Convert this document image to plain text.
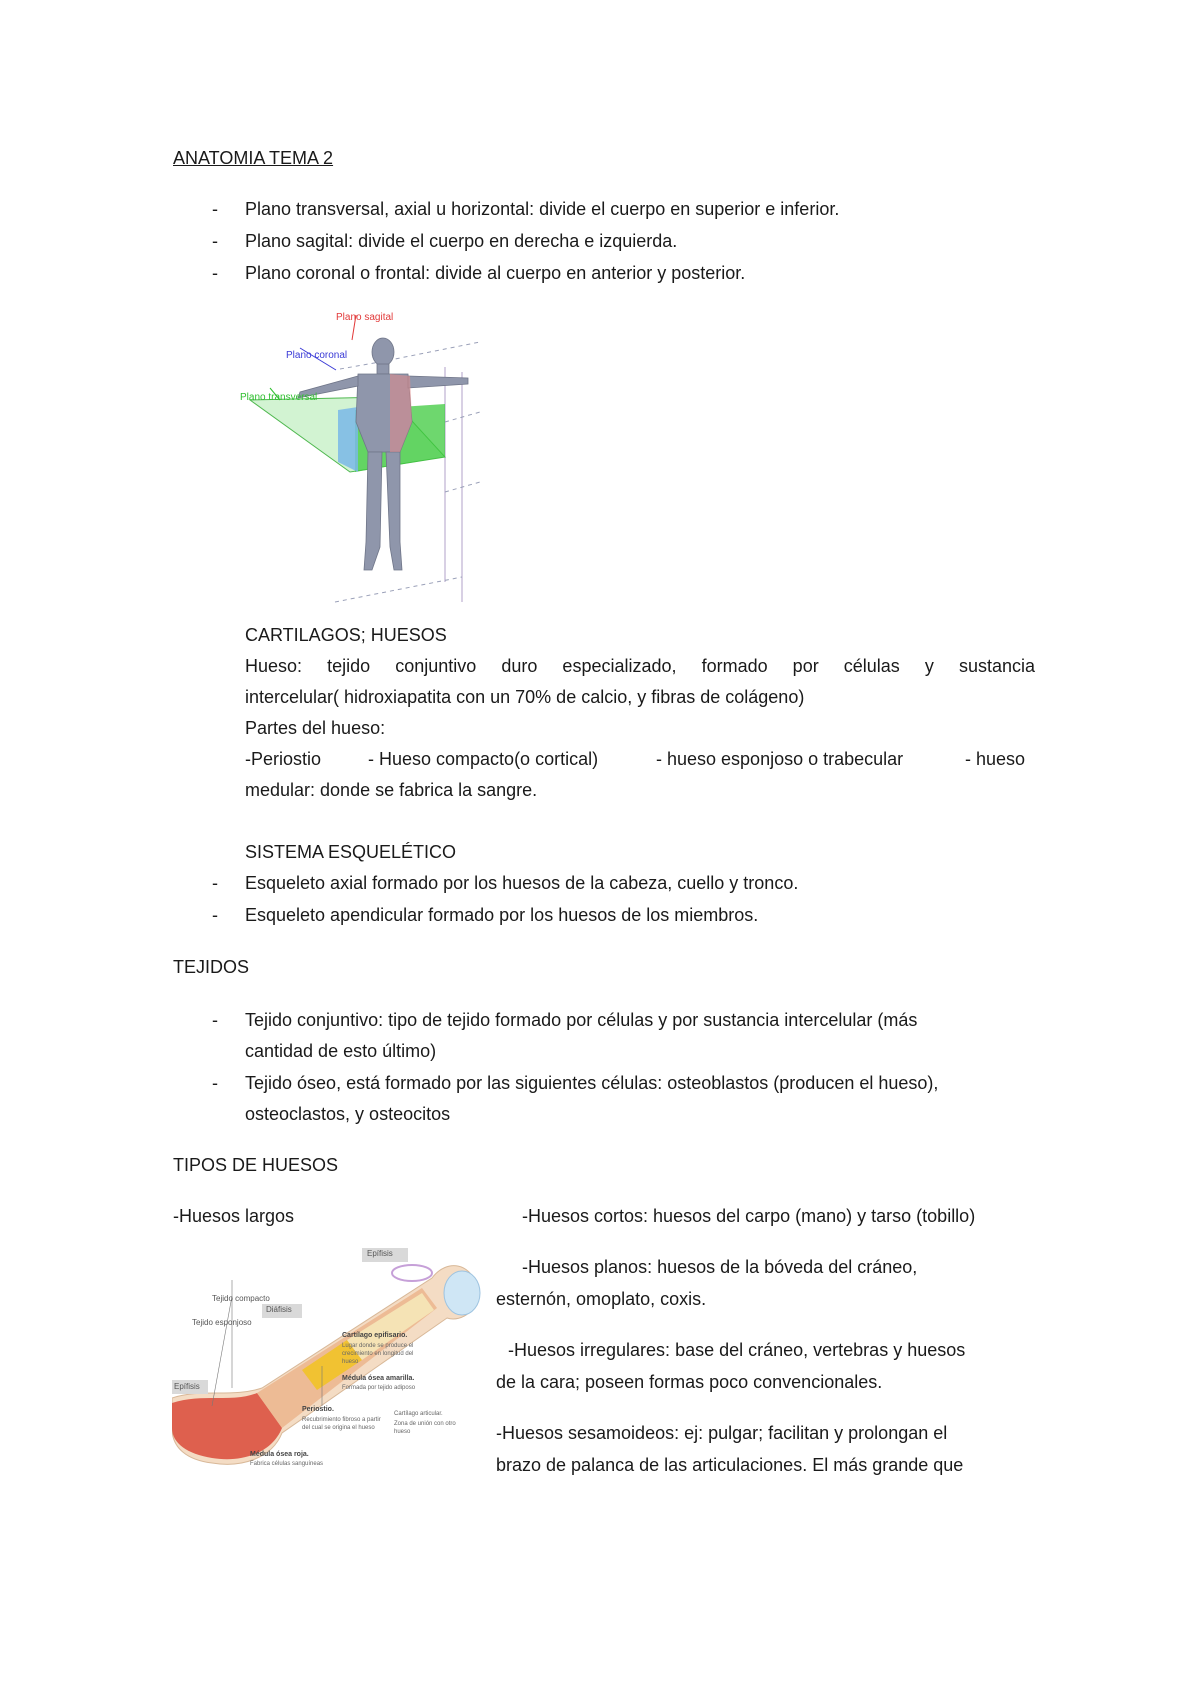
ANATOMIA TEMA 2
- Plano transversal, axial u horizontal: divide el cuerpo en superior e inferior.
- Plano sagital: divide el cuerpo en derecha e izquierda.
- Plano coronal o frontal: divide al cuerpo en anterior y posterior.
Plano sagital
Plano coronal
Plano transversal
CARTILAGOS; HUESOS
Hueso: tejido conjuntivo duro especializado, formado por células y sustancia
intercelular( hidroxiapatita con un 70% de calcio, y fibras de colágeno)
Partes del hueso:
-Periostio	- Hueso compacto(o cortical)	- hueso esponjoso o trabecular	- hueso
medular: donde se fabrica la sangre.
SISTEMA ESQUELÉTICO
- Esqueleto axial formado por los huesos de la cabeza, cuello y tronco.
- Esqueleto apendicular formado por los huesos de los miembros.
TEJIDOS
- Tejido conjuntivo: tipo de tejido formado por células y por sustancia intercelular (más
cantidad de esto último)
- Tejido óseo, está formado por las siguientes células: osteoblastos (producen el hueso),
osteoclastos, y osteocitos
TIPOS DE HUESOS
-Huesos largos	-Huesos cortos: huesos del carpo (mano) y tarso (tobillo)
-Huesos planos: huesos de la bóveda del cráneo,
esternón, omoplato, coxis.
-Huesos irregulares: base del cráneo, vertebras y huesos
de la cara; poseen formas poco convencionales.
-Huesos sesamoideos: ej: pulgar; facilitan y prolongan el
brazo de palanca de las articulaciones. El más grande que
Epífisis
Tejido compacto
Tejido esponjoso
Diáfisis
Epífisis
Cartílago epifisario.
Lugar donde se produce el crecimiento en longitud del hueso
Médula ósea amarilla.
Formada por tejido adiposo
Periostio.
Recubrimiento fibroso a partir del cual se origina el hueso
Cartílago articular.
Zona de unión con otro hueso
Médula ósea roja.
Fabrica células sanguíneas
